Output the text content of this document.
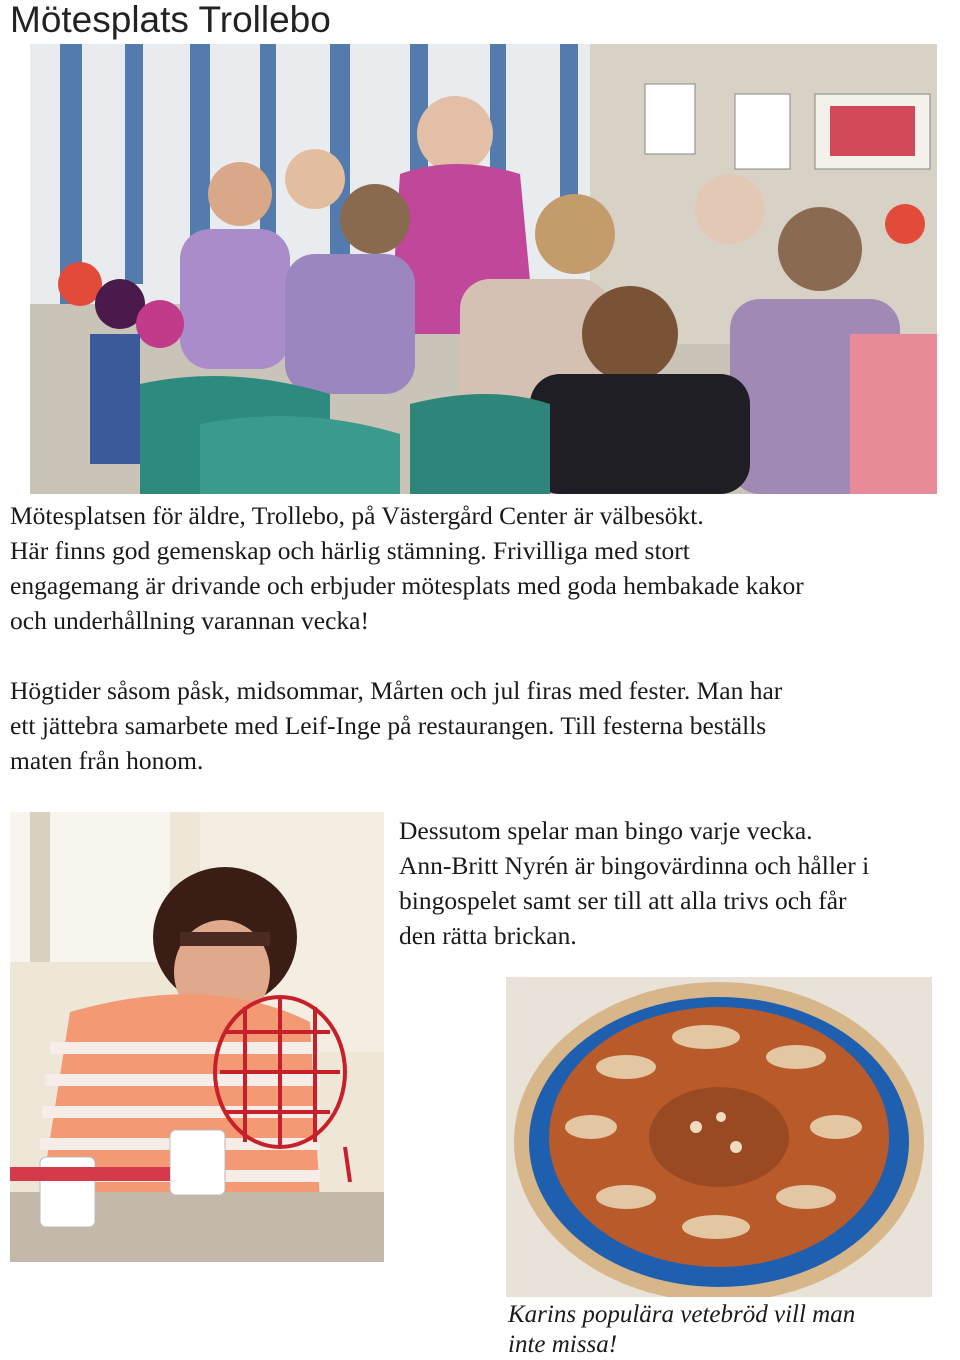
Mötesplats Trollebo

Mötesplatsen för äldre, Trollebo, på Västergård Center är välbesökt.
Här finns god gemenskap och härlig stämning. Frivilliga med stort
engagemang är drivande och erbjuder mötesplats med goda hembakade kakor
och underhållning varannan vecka!

Högtider såsom påsk, midsommar, Mårten och jul firas med fester. Man har
ett jättebra samarbete med Leif-Inge på restaurangen. Till festerna beställs
maten från honom.

Dessutom spelar man bingo varje vecka.
Ann-Britt Nyrén är bingovärdinna och håller i
bingospelet samt ser till att alla trivs och får
den rätta brickan.

Karins populära vetebröd vill man
inte missa!
